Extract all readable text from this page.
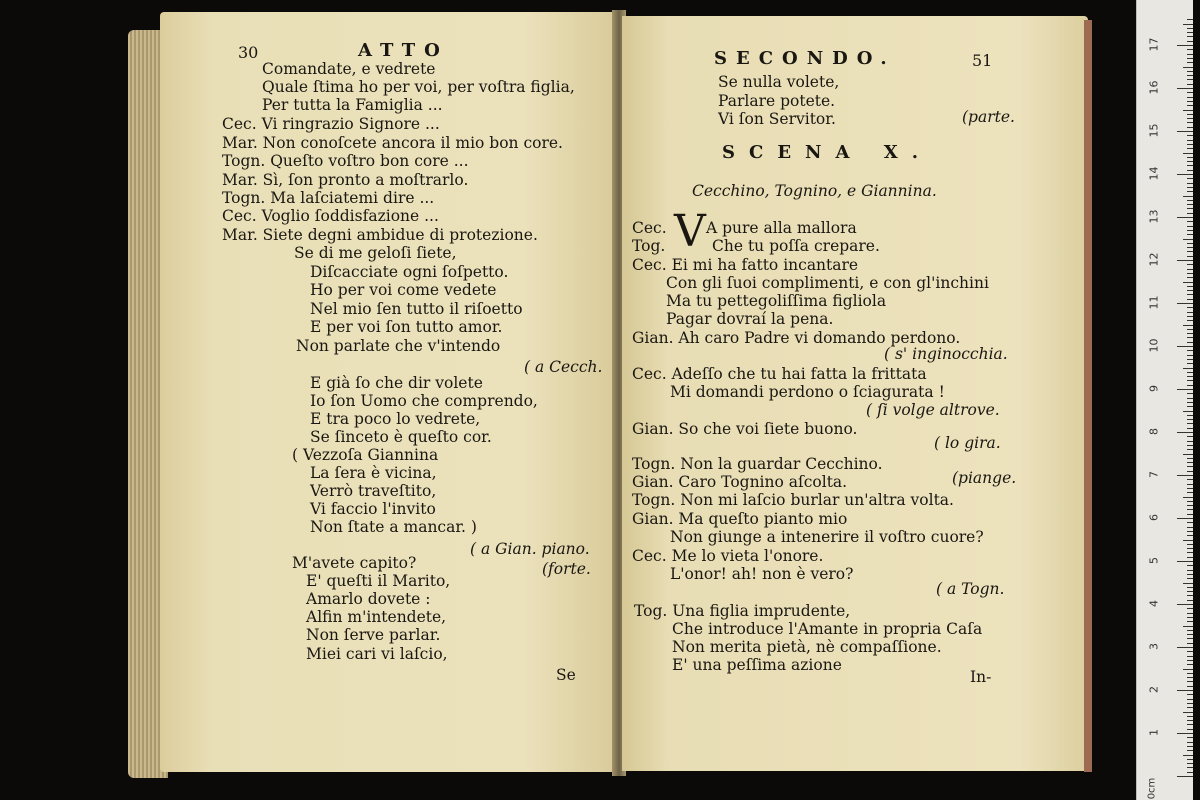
30	ATTO
Comandate, e vedrete
Quale ſtima ho per voi, per voſtra figlia,
Per tutta la Famiglia ...
Cec. Vi ringrazio Signore ...
Mar. Non conoſcete ancora il mio bon core.
Togn. Queſto voſtro bon core ...
Mar. Sì, ſon pronto a moſtrarlo.
Togn. Ma laſciatemi dire ...
Cec. Voglio ſoddisfazione ...
Mar. Siete degni ambidue di protezione.
Se di me geloſi ſiete,
Diſcacciate ogni ſoſpetto.
Ho per voi come vedete
Nel mio ſen tutto il riſoetto
E per voi ſon tutto amor.
Non parlate che v'intendo
( a Cecch.
E già ſo che dir volete
Io ſon Uomo che comprendo,
E tra poco lo vedrete,
Se ſinceto è queſto cor.
( Vezzoſa Giannina
La ſera è vicina,
Verrò traveſtito,
Vi faccio l'invito
Non ſtate a mancar. )
( a Gian. piano.
M'avete capito?	(forte.
E' queſti il Marito,
Amarlo dovete :
Alfin m'intendete,
Non ſerve parlar.
Miei cari vi laſcio,
Se
SECONDO.	51
Se nulla volete,
Parlare potete.
Vi ſon Servitor.	(parte.
SCENA X.
Cecchino, Tognino, e Giannina.
V
Cec.	A pure alla mallora
Tog.	Che tu poſſa crepare.
Cec. Ei mi ha fatto incantare
Con gli ſuoi complimenti, e con gl'inchini
Ma tu pettegoliſſima figliola
Pagar dovraí la pena.
Gian. Ah caro Padre vi domando perdono.
( s' inginocchia.
Cec. Adeſſo che tu hai fatta la frittata
Mi domandi perdono o ſciagurata !
( ſi volge altrove.
Gian. So che voi ſiete buono.
( lo gira.
Togn. Non la guardar Cecchino.
Gian. Caro Tognino aſcolta.	(piange.
Togn. Non mi laſcio burlar un'altra volta.
Gian. Ma queſto pianto mio
Non giunge a intenerire il voſtro cuore?
Cec. Me lo vieta l'onore.
L'onor! ah! non è vero?
( a Togn.
Tog. Una figlia imprudente,
Che introduce l'Amante in propria Caſa
Non merita pietà, nè compaſſione.
E' una peſſima azione
In-
0cm
1
2
3
4
5
6
7
8
9
10
11
12
13
14
15
16
17
